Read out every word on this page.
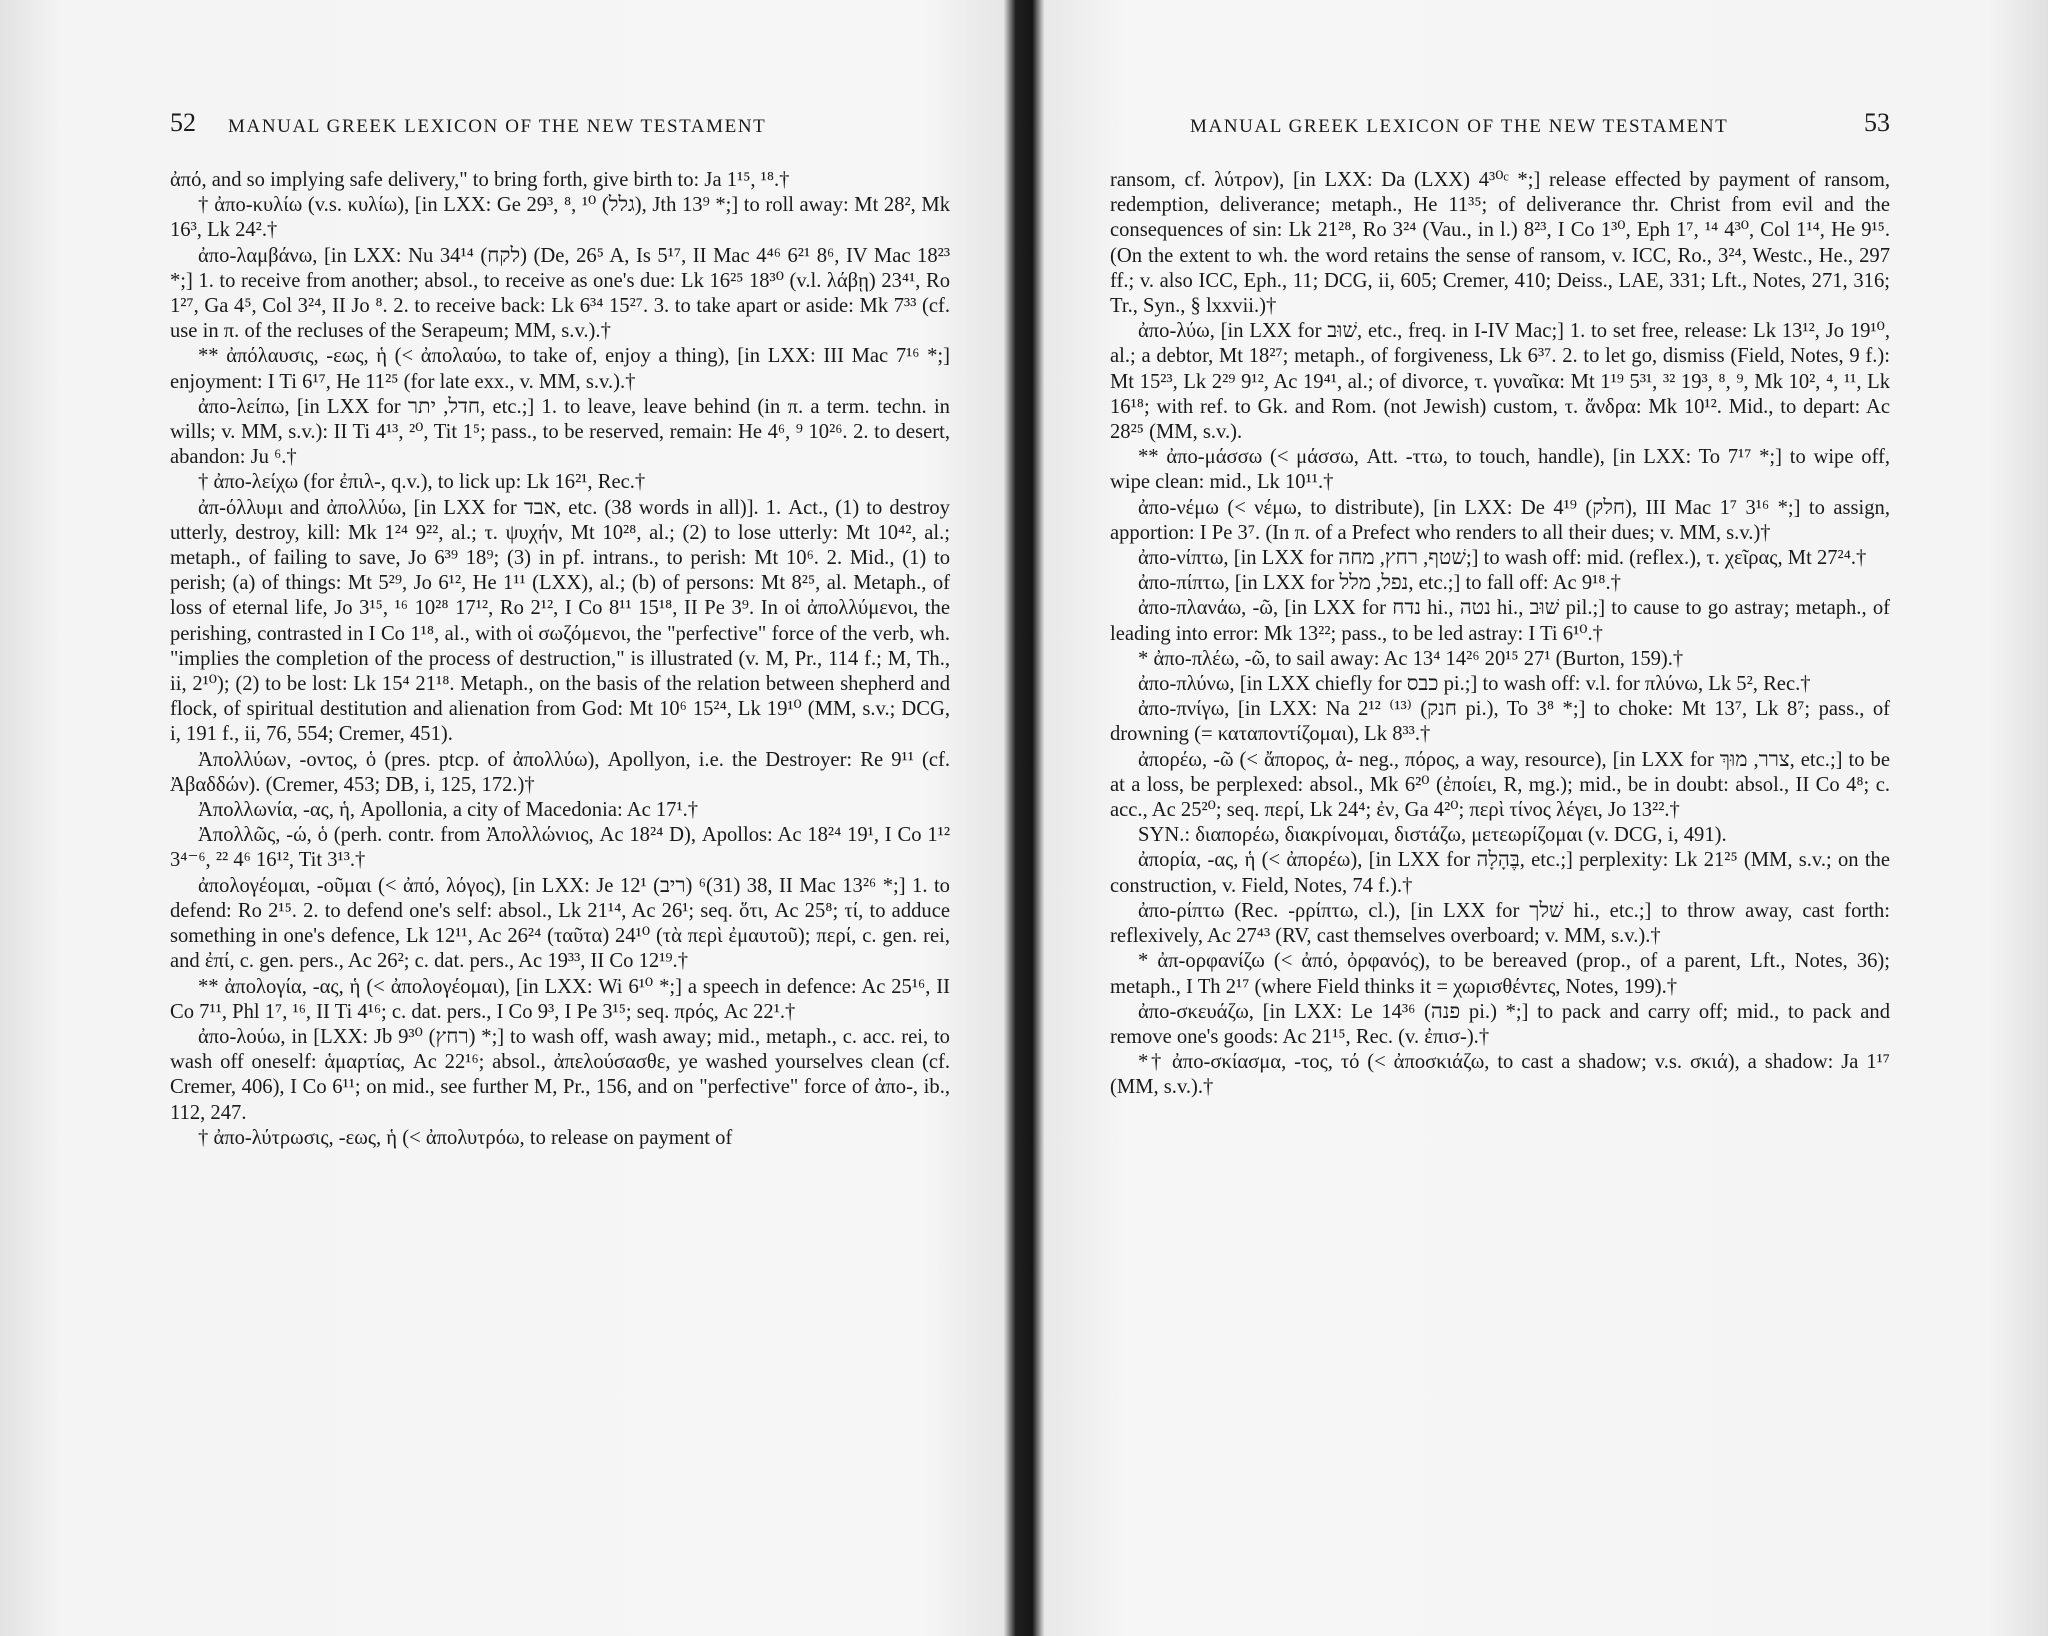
52 MANUAL GREEK LEXICON OF THE NEW TESTAMENT

ἀπό, and so implying safe delivery," to bring forth, give birth to: Ja 1¹⁵, ¹⁸.†

† ἀπο-κυλίω (v.s. κυλίω), [in LXX: Ge 29³, ⁸, ¹⁰ (גלל), Jth 13⁹ *;] to roll away: Mt 28², Mk 16³, Lk 24².†

ἀπο-λαμβάνω, [in LXX: Nu 34¹⁴ (לקח) (De, 26⁵ A, Is 5¹⁷, II Mac 4⁴⁶ 6²¹ 8⁶, IV Mac 18²³ *;] 1. to receive from another; absol., to receive as one's due: Lk 16²⁵ 18³⁰ (v.l. λάβῃ) 23⁴¹, Ro 1²⁷, Ga 4⁵, Col 3²⁴, II Jo ⁸. 2. to receive back: Lk 6³⁴ 15²⁷. 3. to take apart or aside: Mk 7³³ (cf. use in π. of the recluses of the Serapeum; MM, s.v.).†

** ἀπόλαυσις, -εως, ἡ (< ἀπολαύω, to take of, enjoy a thing), [in LXX: III Mac 7¹⁶ *;] enjoyment: I Ti 6¹⁷, He 11²⁵ (for late exx., v. MM, s.v.).†

ἀπο-λείπω, [in LXX for חדל, יתר, etc.;] 1. to leave, leave behind (in π. a term. techn. in wills; v. MM, s.v.): II Ti 4¹³, ²⁰, Tit 1⁵; pass., to be reserved, remain: He 4⁶, ⁹ 10²⁶. 2. to desert, abandon: Ju ⁶.†

† ἀπο-λείχω (for ἐπιλ-, q.v.), to lick up: Lk 16²¹, Rec.†

ἀπ-όλλυμι and ἀπολλύω, [in LXX for אבד, etc. (38 words in all)]. 1. Act., (1) to destroy utterly, destroy, kill: Mk 1²⁴ 9²², al.; τ. ψυχήν, Mt 10²⁸, al.; (2) to lose utterly: Mt 10⁴², al.; metaph., of failing to save, Jo 6³⁹ 18⁹; (3) in pf. intrans., to perish: Mt 10⁶. 2. Mid., (1) to perish; (a) of things: Mt 5²⁹, Jo 6¹², He 1¹¹ (LXX), al.; (b) of persons: Mt 8²⁵, al. Metaph., of loss of eternal life, Jo 3¹⁵, ¹⁶ 10²⁸ 17¹², Ro 2¹², I Co 8¹¹ 15¹⁸, II Pe 3⁹. In οἱ ἀπολλύμενοι, the perishing, contrasted in I Co 1¹⁸, al., with οἱ σωζόμενοι, the "perfective" force of the verb, wh. "implies the completion of the process of destruction," is illustrated (v. M, Pr., 114 f.; M, Th., ii, 2¹⁰); (2) to be lost: Lk 15⁴ 21¹⁸. Metaph., on the basis of the relation between shepherd and flock, of spiritual destitution and alienation from God: Mt 10⁶ 15²⁴, Lk 19¹⁰ (MM, s.v.; DCG, i, 191 f., ii, 76, 554; Cremer, 451).

Ἀπολλύων, -οντος, ὁ (pres. ptcp. of ἀπολλύω), Apollyon, i.e. the Destroyer: Re 9¹¹ (cf. Ἀβαδδών). (Cremer, 453; DB, i, 125, 172.)†

Ἀπολλωνία, -ας, ἡ, Apollonia, a city of Macedonia: Ac 17¹.†

Ἀπολλῶς, -ώ, ὁ (perh. contr. from Ἀπολλώνιος, Ac 18²⁴ D), Apollos: Ac 18²⁴ 19¹, I Co 1¹² 3⁴⁻⁶, ²² 4⁶ 16¹², Tit 3¹³.†

ἀπολογέομαι, -οῦμαι (< ἀπό, λόγος), [in LXX: Je 12¹ (ריב) 38 (31)⁶, II Mac 13²⁶ *;] 1. to defend: Ro 2¹⁵. 2. to defend one's self: absol., Lk 21¹⁴, Ac 26¹; seq. ὅτι, Ac 25⁸; τί, to adduce something in one's defence, Lk 12¹¹, Ac 26²⁴ (ταῦτα) 24¹⁰ (τὰ περὶ ἐμαυτοῦ); περί, c. gen. rei, and ἐπί, c. gen. pers., Ac 26²; c. dat. pers., Ac 19³³, II Co 12¹⁹.†

** ἀπολογία, -ας, ἡ (< ἀπολογέομαι), [in LXX: Wi 6¹⁰ *;] a speech in defence: Ac 25¹⁶, II Co 7¹¹, Phl 1⁷, ¹⁶, II Ti 4¹⁶; c. dat. pers., I Co 9³, I Pe 3¹⁵; seq. πρός, Ac 22¹.†

ἀπο-λούω, in [LXX: Jb 9³⁰ (רחץ) *;] to wash off, wash away; mid., metaph., c. acc. rei, to wash off oneself: ἁμαρτίας, Ac 22¹⁶; absol., ἀπελούσασθε, ye washed yourselves clean (cf. Cremer, 406), I Co 6¹¹; on mid., see further M, Pr., 156, and on "perfective" force of ἀπο-, ib., 112, 247.

† ἀπο-λύτρωσις, -εως, ἡ (< ἀπολυτρόω, to release on payment of

MANUAL GREEK LEXICON OF THE NEW TESTAMENT	53

ransom, cf. λύτρον), [in LXX: Da (LXX) 4³⁰ᶜ *;] release effected by payment of ransom, redemption, deliverance; metaph., He 11³⁵; of deliverance thr. Christ from evil and the consequences of sin: Lk 21²⁸, Ro 3²⁴ (Vau., in l.) 8²³, I Co 1³⁰, Eph 1⁷, ¹⁴ 4³⁰, Col 1¹⁴, He 9¹⁵. (On the extent to wh. the word retains the sense of ransom, v. ICC, Ro., 3²⁴, Westc., He., 297 ff.; v. also ICC, Eph., 11; DCG, ii, 605; Cremer, 410; Deiss., LAE, 331; Lft., Notes, 271, 316; Tr., Syn., § lxxvii.)†

ἀπο-λύω, [in LXX for שׁוּב, etc., freq. in I-IV Mac;] 1. to set free, release: Lk 13¹², Jo 19¹⁰, al.; a debtor, Mt 18²⁷; metaph., of forgiveness, Lk 6³⁷. 2. to let go, dismiss (Field, Notes, 9 f.): Mt 15²³, Lk 2²⁹ 9¹², Ac 19⁴¹, al.; of divorce, τ. γυναῖκα: Mt 1¹⁹ 5³¹, ³² 19³, ⁸, ⁹, Mk 10², ⁴, ¹¹, Lk 16¹⁸; with ref. to Gk. and Rom. (not Jewish) custom, τ. ἄνδρα: Mk 10¹². Mid., to depart: Ac 28²⁵ (MM, s.v.).

** ἀπο-μάσσω (< μάσσω, Att. -ττω, to touch, handle), [in LXX: To 7¹⁷ *;] to wipe off, wipe clean: mid., Lk 10¹¹.†

ἀπο-νέμω (< νέμω, to distribute), [in LXX: De 4¹⁹ (חלק), III Mac 1⁷ 3¹⁶ *;] to assign, apportion: I Pe 3⁷. (In π. of a Prefect who renders to all their dues; v. MM, s.v.)†

ἀπο-νίπτω, [in LXX for שׁטף, רחץ, מחה;] to wash off: mid. (reflex.), τ. χεῖρας, Mt 27²⁴.†

ἀπο-πίπτω, [in LXX for נפל, מלל, etc.;] to fall off: Ac 9¹⁸.†

ἀπο-πλανάω, -ῶ, [in LXX for נדח hi., נטה hi., שׁוּב pil.;] to cause to go astray; metaph., of leading into error: Mk 13²²; pass., to be led astray: I Ti 6¹⁰.†

* ἀπο-πλέω, -ῶ, to sail away: Ac 13⁴ 14²⁶ 20¹⁵ 27¹ (Burton, 159).†

ἀπο-πλύνω, [in LXX chiefly for כבס pi.;] to wash off: v.l. for πλύνω, Lk 5², Rec.†

ἀπο-πνίγω, [in LXX: Na 2¹² ⁽¹³⁾ (חנק pi.), To 3⁸ *;] to choke: Mt 13⁷, Lk 8⁷; pass., of drowning (= καταποντίζομαι), Lk 8³³.†

ἀπορέω, -ῶ (< ἄπορος, ἀ- neg., πόρος, a way, resource), [in LXX for צרר, מוּךְ, etc.;] to be at a loss, be perplexed: absol., Mk 6²⁰ (ἐποίει, R, mg.); mid., be in doubt: absol., II Co 4⁸; c. acc., Ac 25²⁰; seq. περί, Lk 24⁴; ἐν, Ga 4²⁰; περὶ τίνος λέγει, Jo 13²².†

SYN.: διαπορέω, διακρίνομαι, διστάζω, μετεωρίζομαι (v. DCG, i, 491).

ἀπορία, -ας, ἡ (< ἀπορέω), [in LXX for בֶּהָלָה, etc.;] perplexity: Lk 21²⁵ (MM, s.v.; on the construction, v. Field, Notes, 74 f.).†

ἀπο-ρίπτω (Rec. -ρρίπτω, cl.), [in LXX for שׁלך hi., etc.;] to throw away, cast forth: reflexively, Ac 27⁴³ (RV, cast themselves overboard; v. MM, s.v.).†

* ἀπ-ορφανίζω (< ἀπό, ὀρφανός), to be bereaved (prop., of a parent, Lft., Notes, 36); metaph., I Th 2¹⁷ (where Field thinks it = χωρισθέντες, Notes, 199).†

ἀπο-σκευάζω, [in LXX: Le 14³⁶ (פנה pi.) *;] to pack and carry off; mid., to pack and remove one's goods: Ac 21¹⁵, Rec. (v. ἐπισ-).†

*† ἀπο-σκίασμα, -τος, τό (< ἀποσκιάζω, to cast a shadow; v.s. σκιά), a shadow: Ja 1¹⁷ (MM, s.v.).†
